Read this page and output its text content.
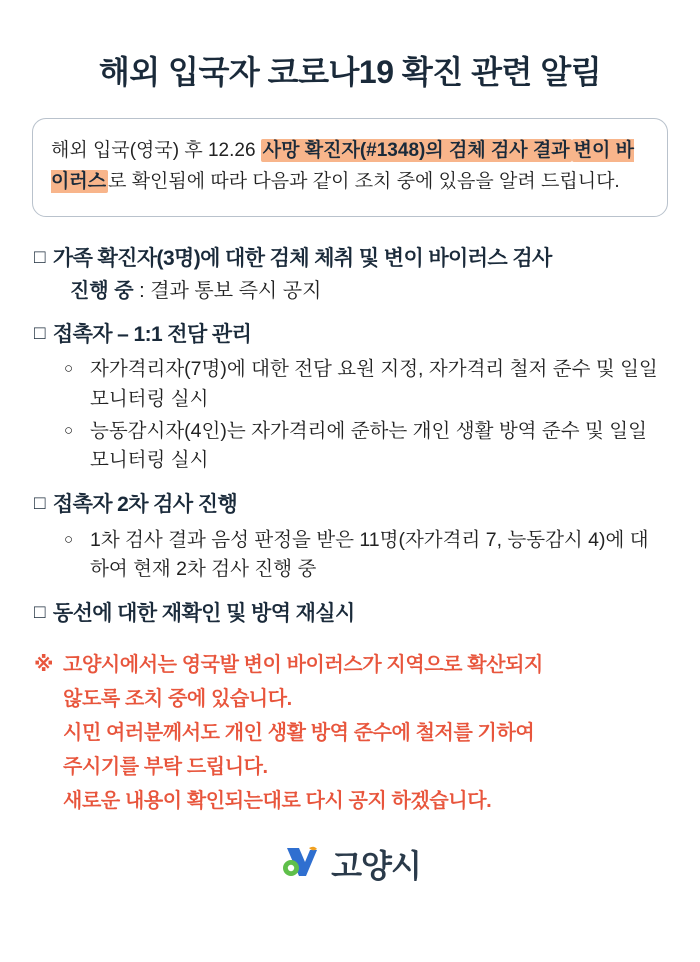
해외 입국자 코로나19 확진 관련 알림
해외 입국(영국) 후 12.26 사망 확진자(#1348)의 검체 검사 결과 변이 바이러스 로 확인됨에 따라 다음과 같이 조치 중에 있음을 알려 드립니다.
□ 가족 확진자(3명)에 대한 검체 체취 및 변이 바이러스 검사
진행 중 : 결과 통보 즉시 공지
□ 접촉자 – 1:1 전담 관리
○ 자가격리자(7명)에 대한 전담 요원 지정, 자가격리 철저 준수 및 일일 모니터링 실시
○ 능동감시자(4인)는 자가격리에 준하는 개인 생활 방역 준수 및 일일 모니터링 실시
□ 접촉자 2차 검사 진행
○ 1차 검사 결과 음성 판정을 받은 11명(자가격리 7, 능동감시 4)에 대하여 현재 2차 검사 진행 중
□ 동선에 대한 재확인 및 방역 재실시
※ 고양시에서는 영국발 변이 바이러스가 지역으로 확산되지

않도록 조치 중에 있습니다.

시민 여러분께서도 개인 생활 방역 준수에 철저를 기하여

주시기를 부탁 드립니다.

새로운 내용이 확인되는대로 다시 공지 하겠습니다.

고양시
